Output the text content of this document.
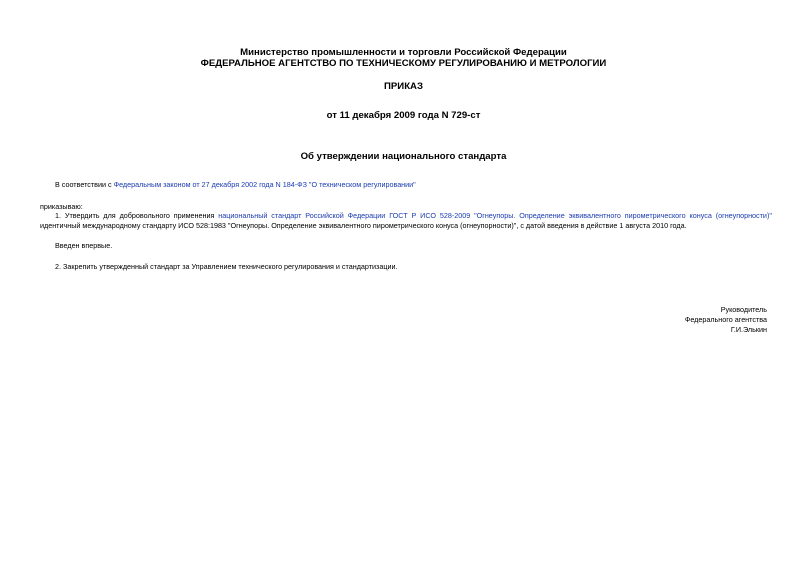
Министерство промышленности и торговли Российской Федерации
ФЕДЕРАЛЬНОЕ АГЕНТСТВО ПО ТЕХНИЧЕСКОМУ РЕГУЛИРОВАНИЮ И МЕТРОЛОГИИ
ПРИКАЗ
от 11 декабря 2009 года N 729-ст
Об утверждении национального стандарта
В соответствии с Федеральным законом от 27 декабря 2002 года N 184-ФЗ "О техническом регулировании"
приказываю:
1. Утвердить для добровольного применения национальный стандарт Российской Федерации ГОСТ Р ИСО 528-2009 "Огнеупоры. Определение эквивалентного пирометрического конуса (огнеупорности)"
идентичный международному стандарту ИСО 528:1983 "Огнеупоры. Определение эквивалентного пирометрического конуса (огнеупорности)", с датой введения в действие 1 августа 2010 года.
Введен впервые.
2. Закрепить утвержденный стандарт за Управлением технического регулирования и стандартизации.
Руководитель
Федерального агентства
Г.И.Элькин
